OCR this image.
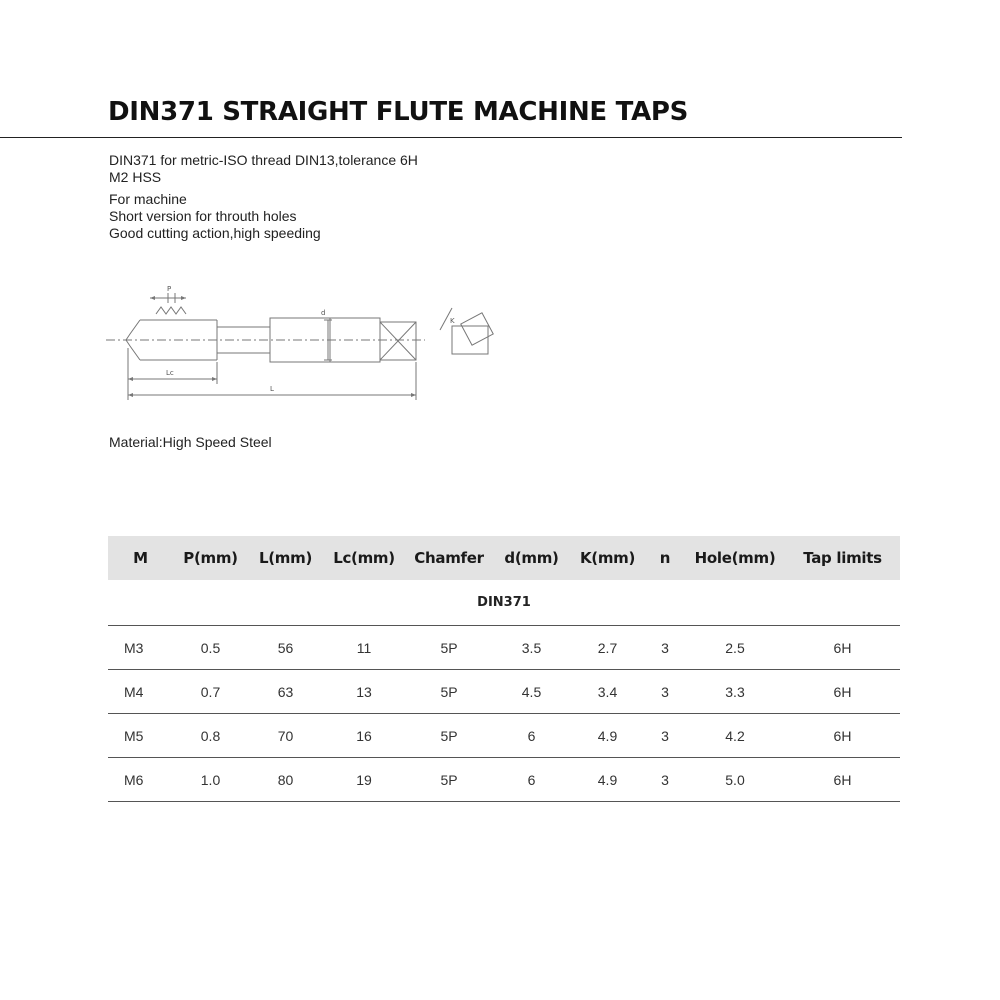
DIN371 STRAIGHT FLUTE MACHINE TAPS
DIN371 for metric-ISO thread DIN13,tolerance 6H
M2 HSS
For machine
Short version for throuth holes
Good cutting action,high speeding
P
d
Lc
L
K
Material:High Speed Steel
M	P(mm)	L(mm)	Lc(mm)	Chamfer	d(mm)	K(mm)	n	Hole(mm)	Tap limits
DIN371									
M3	0.5	56	11	5P	3.5	2.7	3	2.5	6H
M4	0.7	63	13	5P	4.5	3.4	3	3.3	6H
M5	0.8	70	16	5P	6	4.9	3	4.2	6H
M6	1.0	80	19	5P	6	4.9	3	5.0	6H
